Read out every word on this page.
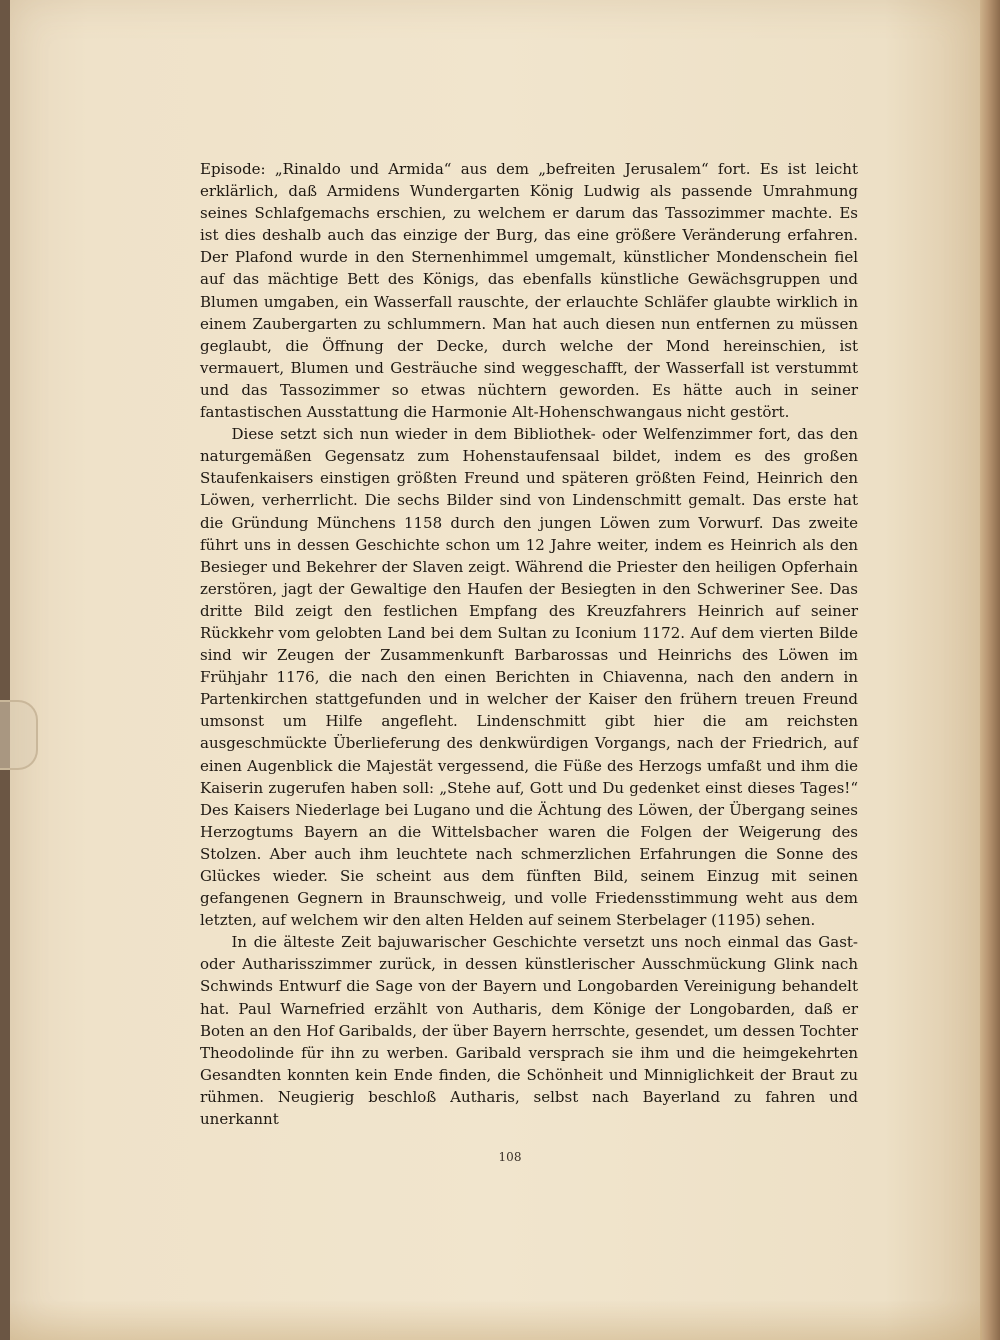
Episode: „Rinaldo und Armida“ aus dem „befreiten Jerusalem“ fort. Es ist leicht erklärlich, daß Armidens Wundergarten König Ludwig als passende Umrahmung seines Schlafgemachs erschien, zu welchem er darum das Tassozimmer machte. Es ist dies deshalb auch das einzige der Burg, das eine größere Veränderung erfahren. Der Plafond wurde in den Sternenhimmel umgemalt, künstlicher Mondenschein fiel auf das mächtige Bett des Königs, das ebenfalls künstliche Gewächsgruppen und Blumen umgaben, ein Wasserfall rauschte, der erlauchte Schläfer glaubte wirklich in einem Zaubergarten zu schlummern. Man hat auch diesen nun entfernen zu müssen geglaubt, die Öffnung der Decke, durch welche der Mond hereinschien, ist vermauert, Blumen und Gesträuche sind weggeschafft, der Wasserfall ist verstummt und das Tassozimmer so etwas nüchtern geworden. Es hätte auch in seiner fantastischen Ausstattung die Harmonie Alt-Hohenschwangaus nicht gestört.

Diese setzt sich nun wieder in dem Bibliothek- oder Welfenzimmer fort, das den naturgemäßen Gegensatz zum Hohenstaufensaal bildet, indem es des großen Staufenkaisers einstigen größten Freund und späteren größten Feind, Heinrich den Löwen, verherrlicht. Die sechs Bilder sind von Lindenschmitt gemalt. Das erste hat die Gründung Münchens 1158 durch den jungen Löwen zum Vorwurf. Das zweite führt uns in dessen Geschichte schon um 12 Jahre weiter, indem es Heinrich als den Besieger und Bekehrer der Slaven zeigt. Während die Priester den heiligen Opferhain zerstören, jagt der Gewaltige den Haufen der Besiegten in den Schweriner See. Das dritte Bild zeigt den festlichen Empfang des Kreuzfahrers Heinrich auf seiner Rückkehr vom gelobten Land bei dem Sultan zu Iconium 1172. Auf dem vierten Bilde sind wir Zeugen der Zusammenkunft Barbarossas und Heinrichs des Löwen im Frühjahr 1176, die nach den einen Berichten in Chiavenna, nach den andern in Partenkirchen stattgefunden und in welcher der Kaiser den frühern treuen Freund umsonst um Hilfe angefleht. Lindenschmitt gibt hier die am reichsten ausgeschmückte Überlieferung des denkwürdigen Vorgangs, nach der Friedrich, auf einen Augenblick die Majestät vergessend, die Füße des Herzogs umfaßt und ihm die Kaiserin zugerufen haben soll: „Stehe auf, Gott und Du gedenket einst dieses Tages!“ Des Kaisers Niederlage bei Lugano und die Ächtung des Löwen, der Übergang seines Herzogtums Bayern an die Wittelsbacher waren die Folgen der Weigerung des Stolzen. Aber auch ihm leuchtete nach schmerzlichen Erfahrungen die Sonne des Glückes wieder. Sie scheint aus dem fünften Bild, seinem Einzug mit seinen gefangenen Gegnern in Braunschweig, und volle Friedensstimmung weht aus dem letzten, auf welchem wir den alten Helden auf seinem Sterbelager (1195) sehen.

In die älteste Zeit bajuwarischer Geschichte versetzt uns noch einmal das Gast- oder Autharisszimmer zurück, in dessen künstlerischer Ausschmückung Glink nach Schwinds Entwurf die Sage von der Bayern und Longobarden Vereinigung behandelt hat. Paul Warnefried erzählt von Autharis, dem Könige der Longobarden, daß er Boten an den Hof Garibalds, der über Bayern herrschte, gesendet, um dessen Tochter Theodolinde für ihn zu werben. Garibald versprach sie ihm und die heimgekehrten Gesandten konnten kein Ende finden, die Schönheit und Minniglichkeit der Braut zu rühmen. Neugierig beschloß Autharis, selbst nach Bayerland zu fahren und unerkannt

108
